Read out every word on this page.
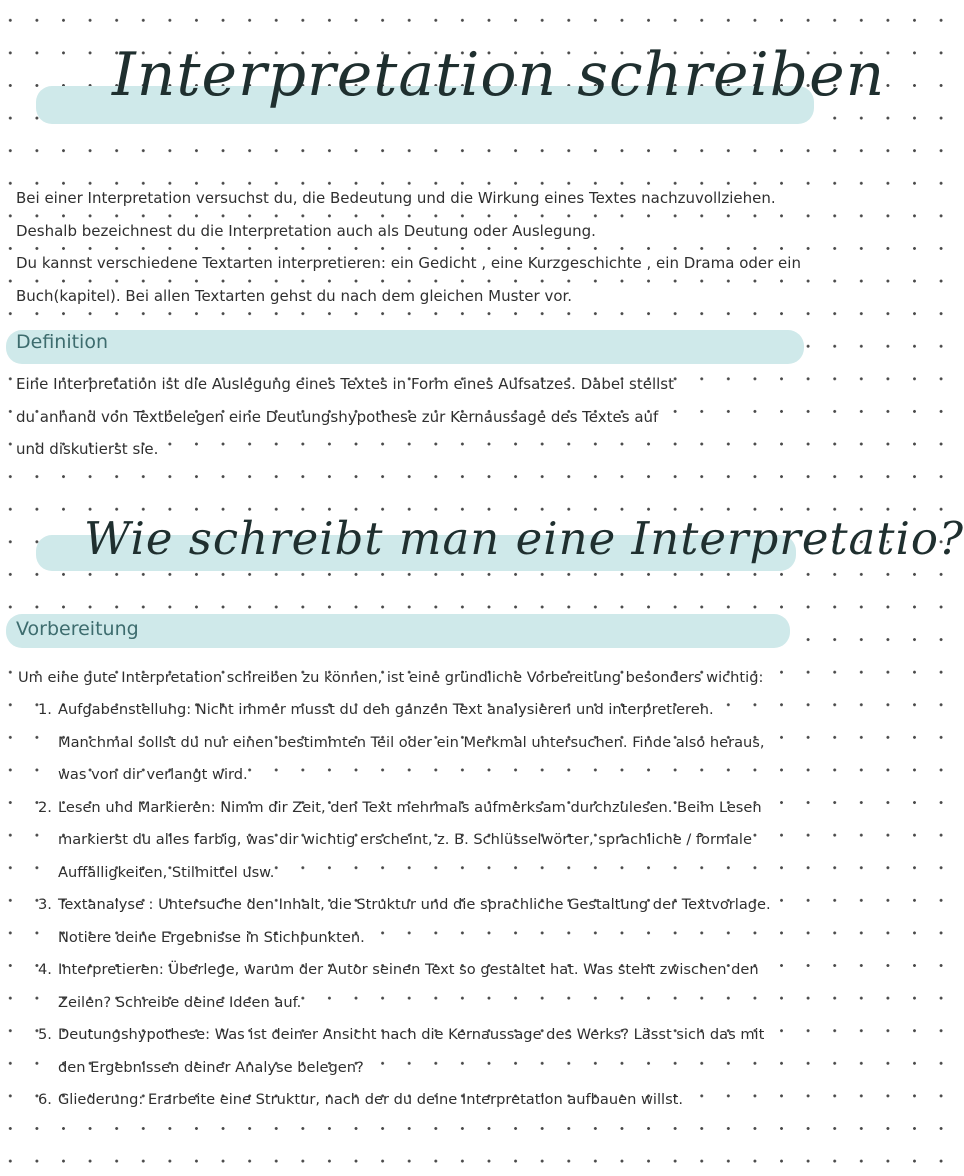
Interpretation schreiben

Bei einer Interpretation versuchst du, die Bedeutung und die Wirkung eines Textes nachzuvollziehen. Deshalb bezeichnest du die Interpretation auch als Deutung oder Auslegung.

Du kannst verschiedene Textarten interpretieren: ein Gedicht , eine Kurzgeschichte , ein Drama oder ein Buch(kapitel). Bei allen Textarten gehst du nach dem gleichen Muster vor.

Definition

Eine Interpretation ist die Auslegung eines Textes in Form eines Aufsatzes. Dabei stellst du anhand von Textbelegen eine Deutungshypothese zur Kernaussage des Textes auf und diskutierst sie.

Wie schreibt man eine Interpretatio?
Vorbereitung

Um eine gute Interpretation schreiben zu können, ist eine gründliche Vorbereitung besonders wichtig:

1. Aufgabenstellung: Nicht immer musst du den ganzen Text analysieren und interpretieren. Manchmal sollst du nur einen bestimmten Teil oder ein Merkmal untersuchen. Finde also heraus, was von dir verlangt wird.
2. Lesen und Markieren: Nimm dir Zeit, den Text mehrmals aufmerksam durchzulesen. Beim Lesen markierst du alles farbig, was dir wichtig erscheint, z. B. Schlüsselwörter, sprachliche / formale Auffälligkeiten, Stilmittel usw.
3. Textanalyse : Untersuche den Inhalt, die Struktur und die sprachliche Gestaltung der Textvorlage. Notiere deine Ergebnisse in Stichpunkten.
4. Interpretieren: Überlege, warum der Autor seinen Text so gestaltet hat. Was steht zwischen den Zeilen? Schreibe deine Ideen auf.
5. Deutungshypothese: Was ist deiner Ansicht nach die Kernaussage des Werks? Lässt sich das mit den Ergebnissen deiner Analyse belegen?
6. Gliederung: Erarbeite eine Struktur, nach der du deine Interpretation aufbauen willst.
